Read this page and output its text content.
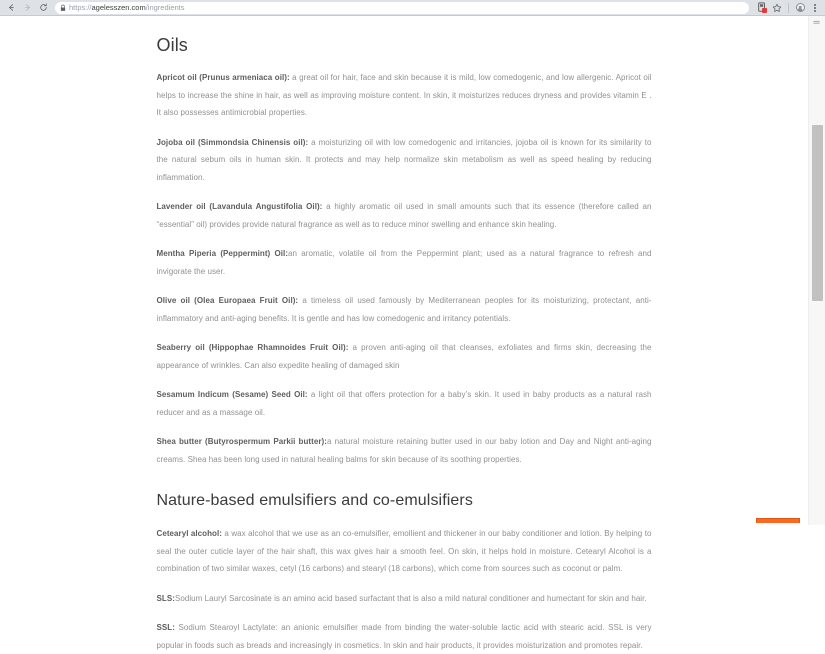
https://agelesszen.com/ingredients
Oils

Apricot oil (Prunus armeniaca oil): a great oil for hair, face and skin because it is mild, low comedogenic, and low allergenic. Apricot oil helps to increase the shine in hair, as well as improving moisture content. In skin, it moisturizes reduces dryness and provides vitamin E . It also possesses antimicrobial properties.

Jojoba oil (Simmondsia Chinensis oil): a moisturizing oil with low comedogenic and irritancies, jojoba oil is known for its similarity to the natural sebum oils in human skin. It protects and may help normalize skin metabolism as well as speed healing by reducing inflammation.

Lavender oil (Lavandula Angustifolia Oil): a highly aromatic oil used in small amounts such that its essence (therefore called an “essential” oil) provides provide natural fragrance as well as to reduce minor swelling and enhance skin healing.

Mentha Piperia (Peppermint) Oil:an aromatic, volatile oil from the Peppermint plant; used as a natural fragrance to refresh and invigorate the user.

Olive oil (Olea Europaea Fruit Oil): a timeless oil used famously by Mediterranean peoples for its moisturizing, protectant, anti-inflammatory and anti-aging benefits. It is gentle and has low comedogenic and irritancy potentials.

Seaberry oil (Hippophae Rhamnoides Fruit Oil): a proven anti-aging oil that cleanses, exfoliates and firms skin, decreasing the appearance of wrinkles. Can also expedite healing of damaged skin

Sesamum Indicum (Sesame) Seed Oil: a light oil that offers protection for a baby’s skin. It used in baby products as a natural rash reducer and as a massage oil.

Shea butter (Butyrospermum Parkii butter):a natural moisture retaining butter used in our baby lotion and Day and Night anti-aging creams. Shea has been long used in natural healing balms for skin because of its soothing properties.

Nature-based emulsifiers and co-emulsifiers

Cetearyl alcohol: a wax alcohol that we use as an co-emulsifier, emollient and thickener in our baby conditioner and lotion. By helping to seal the outer cuticle layer of the hair shaft, this wax gives hair a smooth feel. On skin, it helps hold in moisture. Cetearyl Alcohol is a combination of two similar waxes, cetyl (16 carbons) and stearyl (18 carbons), which come from sources such as coconut or palm.

SLS:Sodium Lauryl Sarcosinate is an amino acid based surfactant that is also a mild natural conditioner and humectant for skin and hair.

SSL: Sodium Stearoyl Lactylate: an anionic emulsifier made from binding the water-soluble lactic acid with stearic acid. SSL is very popular in foods such as breads and increasingly in cosmetics. In skin and hair products, it provides moisturization and promotes repair.
